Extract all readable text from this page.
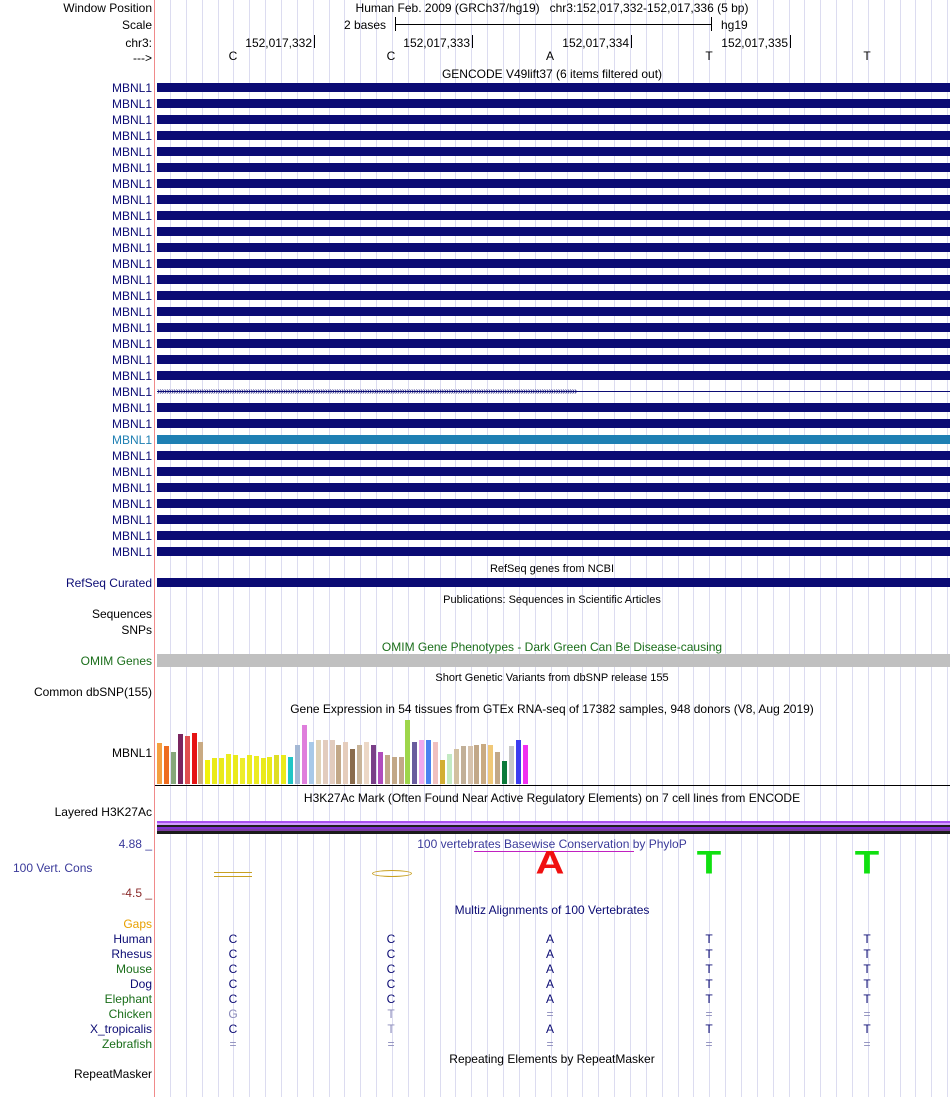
Window Position
Scale
chr3:
--->
Human Feb. 2009 (GRCh37/hg19)   chr3:152,017,332-152,017,336 (5 bp)
2 bases	hg19
152,017,332	152,017,333	152,017,334	152,017,335
C	C	A	T	T
GENCODE V49lift37 (6 items filtered out)
MBNL1
MBNL1
MBNL1
MBNL1
MBNL1
MBNL1
MBNL1
MBNL1
MBNL1
MBNL1
MBNL1
MBNL1
MBNL1
MBNL1
MBNL1
MBNL1
MBNL1
MBNL1
MBNL1
MBNL1 ››››››››››››››››››››››››››››››››››››››››››››››››››››››››››››››››››››››››››››››››››››››››››››››››››››››››››››››››››››››››››››››››››››››››››››››››››››››››››››››››››››››››››››››››››››
MBNL1
MBNL1
MBNL1
MBNL1
MBNL1
MBNL1
MBNL1
MBNL1
MBNL1
MBNL1
RefSeq genes from NCBI
RefSeq Curated
Publications: Sequences in Scientific Articles
Sequences
SNPs
OMIM Gene Phenotypes - Dark Green Can Be Disease-causing
OMIM Genes
Short Genetic Variants from dbSNP release 155
Common dbSNP(155)
Gene Expression in 54 tissues from GTEx RNA-seq of 17382 samples, 948 donors (V8, Aug 2019)
MBNL1
H3K27Ac Mark (Often Found Near Active Regulatory Elements) on 7 cell lines from ENCODE
Layered H3K27Ac
100 vertebrates Basewise Conservation by PhyloP
4.88 _
100 Vert. Cons
-4.5 _
A	T	T
Multiz Alignments of 100 Vertebrates
Gaps
Human	C	C	A	T	T
Rhesus	C	C	A	T	T
Mouse	C	C	A	T	T
Dog	C	C	A	T	T
Elephant	C	C	A	T	T
Chicken	G	T	=	=	=
X_tropicalis	C	T	A	T	T
Zebrafish	=	=	=	=	=
Repeating Elements by RepeatMasker
RepeatMasker
